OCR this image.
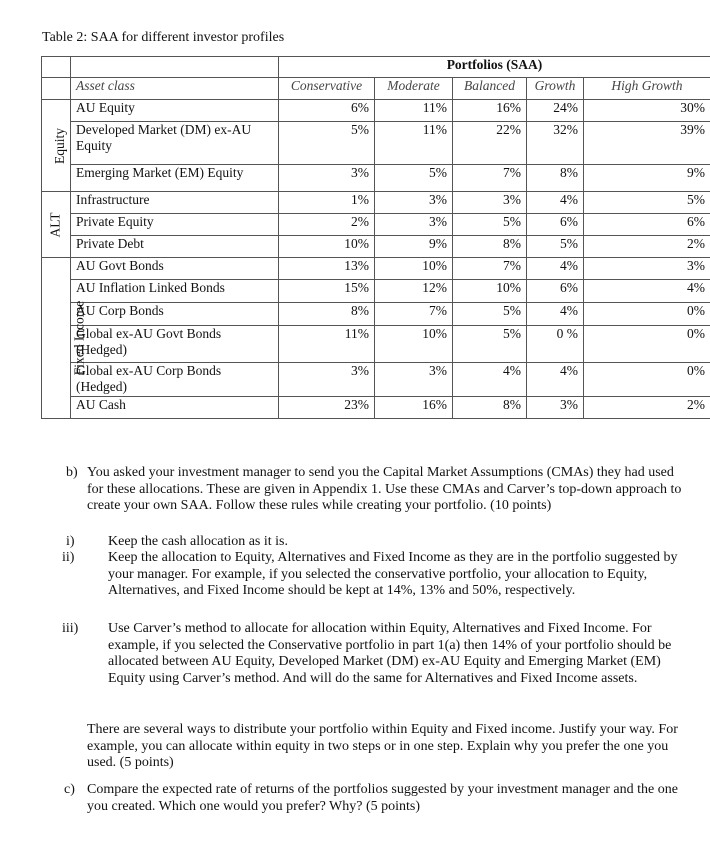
Table 2: SAA for different investor profiles
		Portfolios (SAA)				
	Asset class	Conservative	Moderate	Balanced	Growth	High Growth
Equity	AU Equity	6%	11%	16%	24%	30%
	Developed Market (DM) ex-AU Equity	5%	11%	22%	32%	39%
	Emerging Market (EM) Equity	3%	5%	7%	8%	9%
ALT	Infrastructure	1%	3%	3%	4%	5%
	Private Equity	2%	3%	5%	6%	6%
	Private Debt	10%	9%	8%	5%	2%
Fixed Income	AU Govt Bonds	13%	10%	7%	4%	3%
	AU Inflation Linked Bonds	15%	12%	10%	6%	4%
	AU Corp Bonds	8%	7%	5%	4%	0%
	Global ex-AU Govt Bonds (Hedged)	11%	10%	5%	0 %	0%
	Global ex-AU Corp Bonds (Hedged)	3%	3%	4%	4%	0%
	AU Cash	23%	16%	8%	3%	2%
b) You asked your investment manager to send you the Capital Market Assumptions (CMAs) they had used for these allocations. These are given in Appendix 1. Use these CMAs and Carver’s top-down approach to create your own SAA. Follow these rules while creating your portfolio. (10 points)
i) Keep the cash allocation as it is.
ii) Keep the allocation to Equity, Alternatives and Fixed Income as they are in the portfolio suggested by your manager. For example, if you selected the conservative portfolio, your allocation to Equity, Alternatives, and Fixed Income should be kept at 14%, 13% and 50%, respectively.
iii) Use Carver’s method to allocate for allocation within Equity, Alternatives and Fixed Income. For example, if you selected the Conservative portfolio in part 1(a) then 14% of your portfolio should be allocated between AU Equity, Developed Market (DM) ex-AU Equity and Emerging Market (EM) Equity using Carver’s method. And will do the same for Alternatives and Fixed Income assets.
There are several ways to distribute your portfolio within Equity and Fixed income. Justify your way. For example, you can allocate within equity in two steps or in one step. Explain why you prefer the one you used. (5 points)
c) Compare the expected rate of returns of the portfolios suggested by your investment manager and the one you created. Which one would you prefer? Why? (5 points)
